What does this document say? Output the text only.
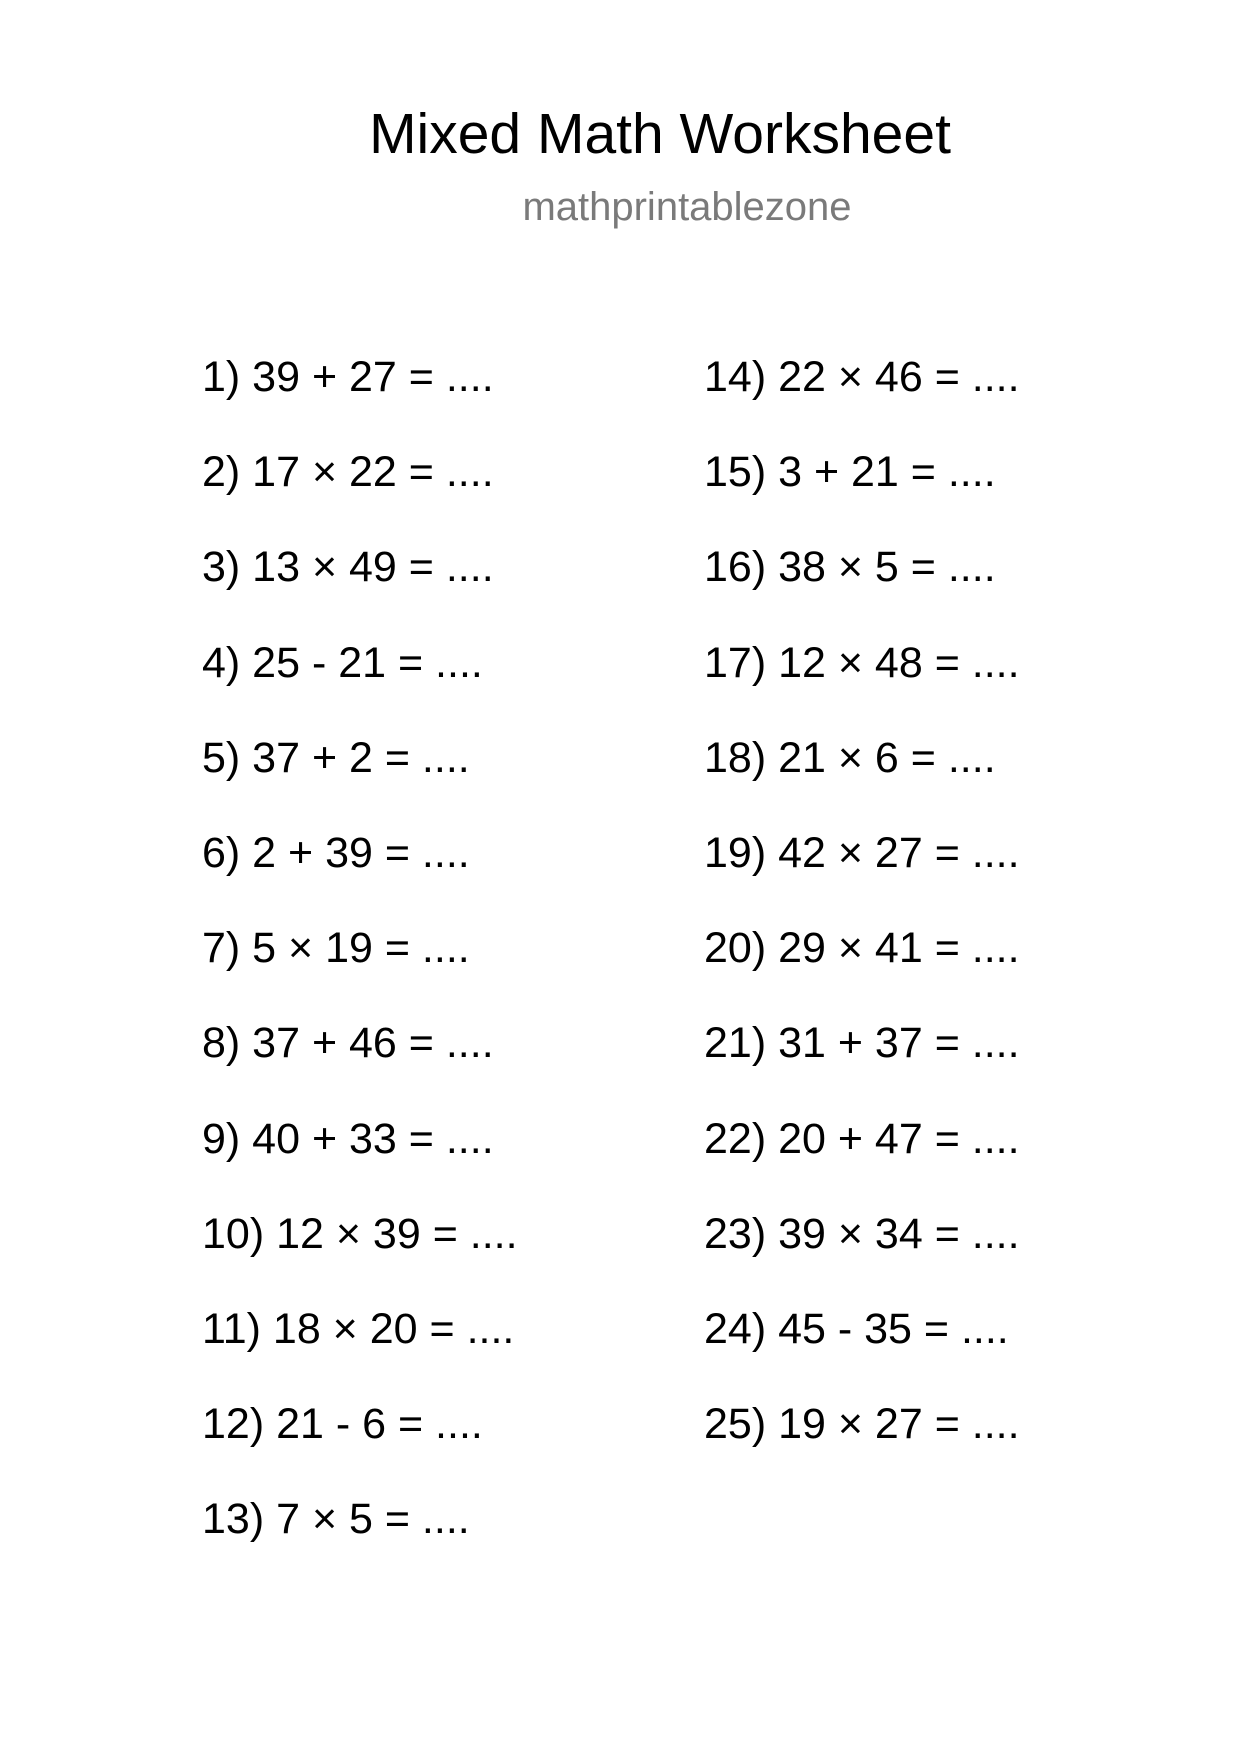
Mixed Math Worksheet
mathprintablezone
1) 39 + 27 = ....
2) 17 × 22 = ....
3) 13 × 49 = ....
4) 25 - 21 = ....
5) 37 + 2 = ....
6) 2 + 39 = ....
7) 5 × 19 = ....
8) 37 + 46 = ....
9) 40 + 33 = ....
10) 12 × 39 = ....
11) 18 × 20 = ....
12) 21 - 6 = ....
13) 7 × 5 = ....
14) 22 × 46 = ....
15) 3 + 21 = ....
16) 38 × 5 = ....
17) 12 × 48 = ....
18) 21 × 6 = ....
19) 42 × 27 = ....
20) 29 × 41 = ....
21) 31 + 37 = ....
22) 20 + 47 = ....
23) 39 × 34 = ....
24) 45 - 35 = ....
25) 19 × 27 = ....
